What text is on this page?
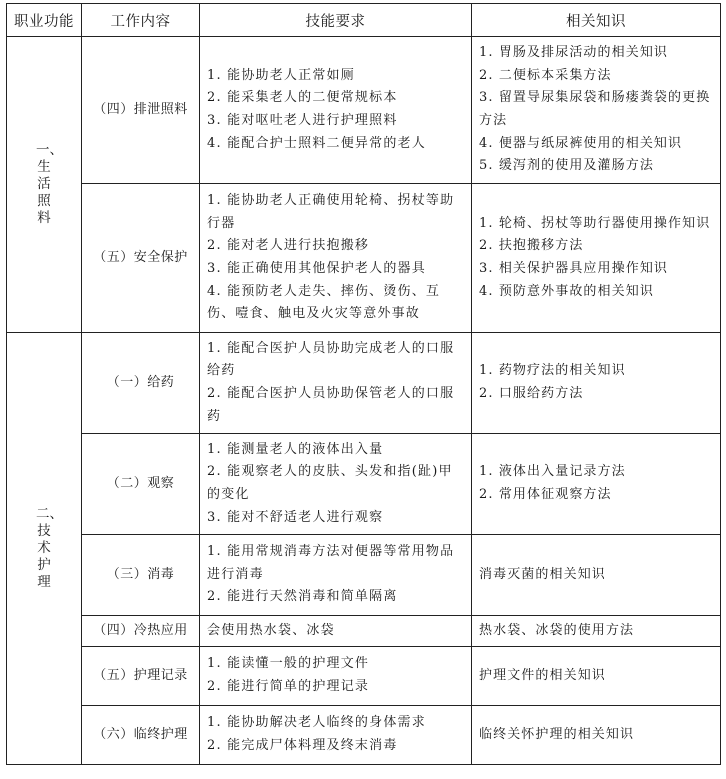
职业功能	工作内容	技能要求	相关知识
一、生活照料	（四）排泄照料	1. 能协助老人正常如厕
2. 能采集老人的二便常规标本
3. 能对呕吐老人进行护理照料
4. 能配合护士照料二便异常的老人	1. 胃肠及排尿活动的相关知识
2. 二便标本采集方法
3. 留置导尿集尿袋和肠瘘粪袋的更换方法
4. 便器与纸尿裤使用的相关知识
5. 缓泻剂的使用及灌肠方法

	（五）安全保护	1. 能协助老人正确使用轮椅、拐杖等助行器
2. 能对老人进行扶抱搬移
3. 能正确使用其他保护老人的器具
4. 能预防老人走失、摔伤、烫伤、互伤、噎食、触电及火灾等意外事故	1. 轮椅、拐杖等助行器使用操作知识
2. 扶抱搬移方法
3. 相关保护器具应用操作知识
4. 预防意外事故的相关知识

二、技术护理	（一）给药	1. 能配合医护人员协助完成老人的口服给药
2. 能配合医护人员协助保管老人的口服药	1. 药物疗法的相关知识
2. 口服给药方法

	（二）观察	1. 能测量老人的液体出入量
2. 能观察老人的皮肤、头发和指(趾)甲的变化
3. 能对不舒适老人进行观察	1. 液体出入量记录方法
2. 常用体征观察方法

	（三）消毒	1. 能用常规消毒方法对便器等常用物品进行消毒
2. 能进行天然消毒和简单隔离	消毒灭菌的相关知识

	（四）冷热应用	会使用热水袋、冰袋	热水袋、冰袋的使用方法

	（五）护理记录	1. 能读懂一般的护理文件
2. 能进行简单的护理记录	护理文件的相关知识

	（六）临终护理	1. 能协助解决老人临终的身体需求
2. 能完成尸体料理及终末消毒	临终关怀护理的相关知识
